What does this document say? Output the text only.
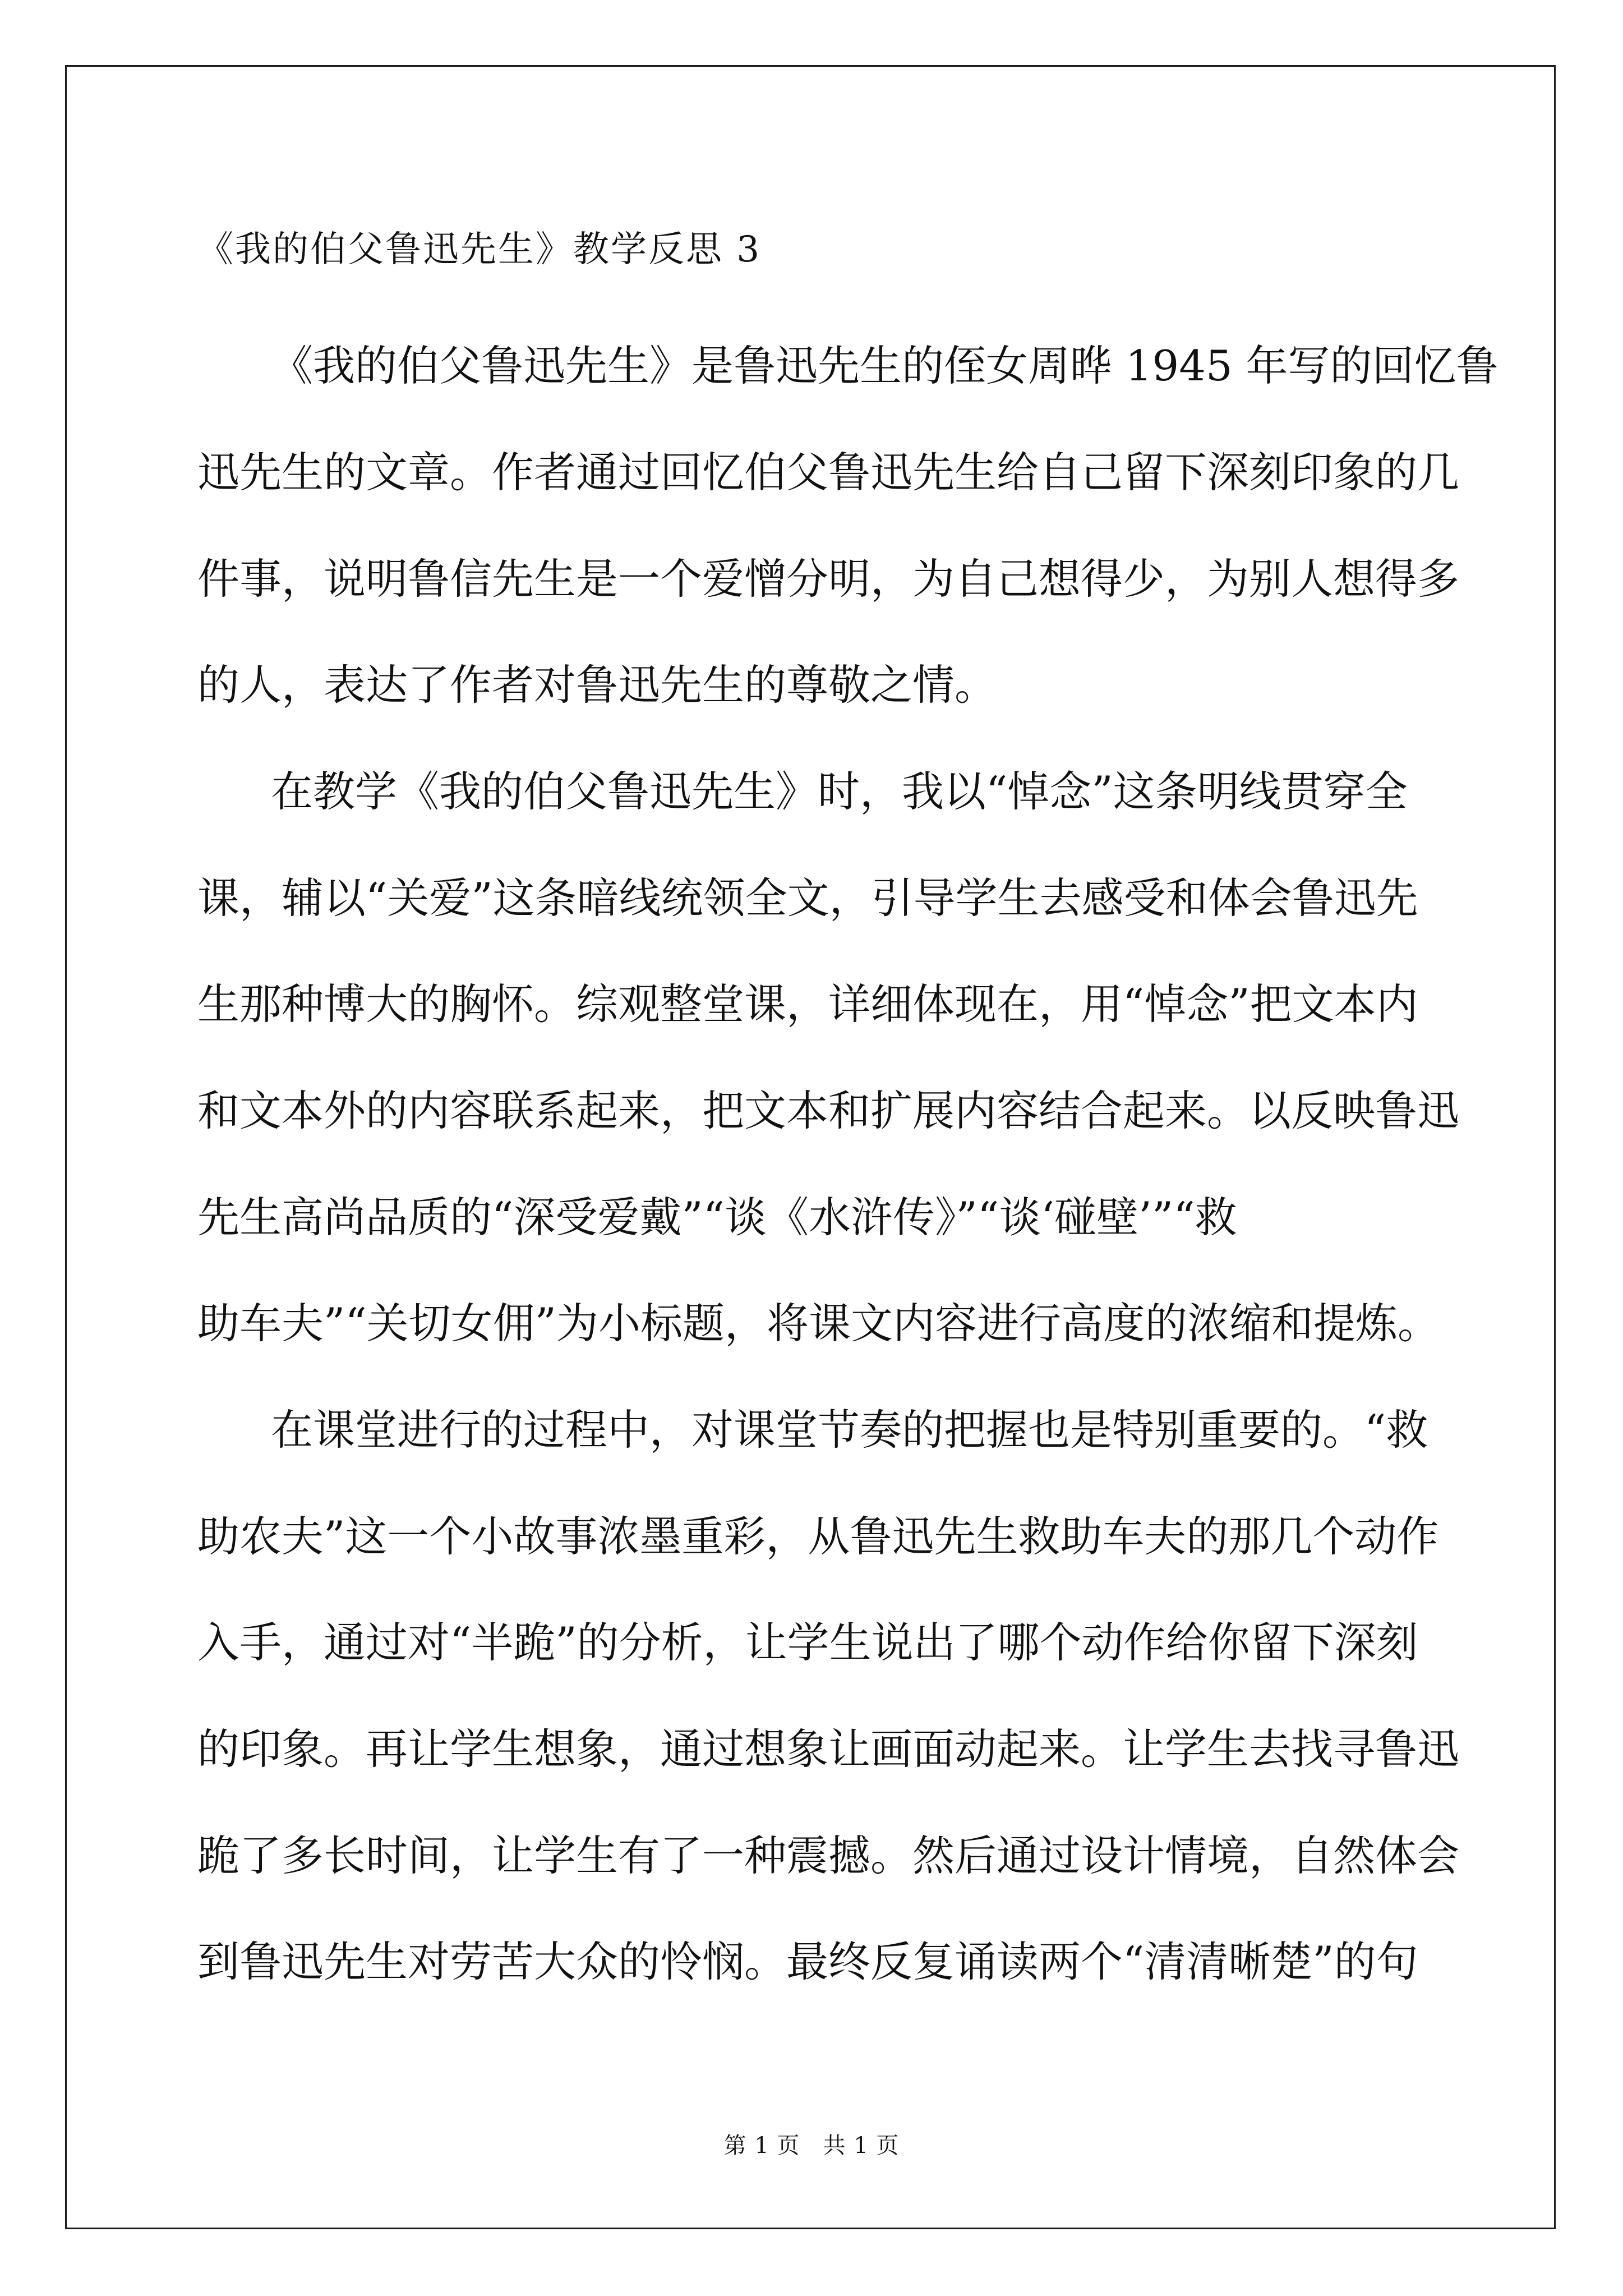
《我的伯父鲁迅先生》教学反思 3
《我的伯父鲁迅先生》是鲁迅先生的侄女周晔 1945 年写的回忆鲁
迅先生的文章。作者通过回忆伯父鲁迅先生给自己留下深刻印象的几
件事，说明鲁信先生是一个爱憎分明，为自己想得少，为别人想得多
的人，表达了作者对鲁迅先生的尊敬之情。
在教学《我的伯父鲁迅先生》时，我以“悼念”这条明线贯穿全
课，辅以“关爱”这条暗线统领全文，引导学生去感受和体会鲁迅先
生那种博大的胸怀。综观整堂课，详细体现在，用“悼念”把文本内
和文本外的内容联系起来，把文本和扩展内容结合起来。以反映鲁迅
先生高尚品质的“深受爱戴”“谈《水浒传》”“谈‘碰壁’”“救
助车夫”“关切女佣”为小标题，将课文内容进行高度的浓缩和提炼。
在课堂进行的过程中，对课堂节奏的把握也是特别重要的。“救
助农夫”这一个小故事浓墨重彩，从鲁迅先生救助车夫的那几个动作
入手，通过对“半跪”的分析，让学生说出了哪个动作给你留下深刻
的印象。再让学生想象，通过想象让画面动起来。让学生去找寻鲁迅
跪了多长时间，让学生有了一种震撼。然后通过设计情境，自然体会
到鲁迅先生对劳苦大众的怜悯。最终反复诵读两个“清清晰楚”的句
第 1 页　共 1 页
